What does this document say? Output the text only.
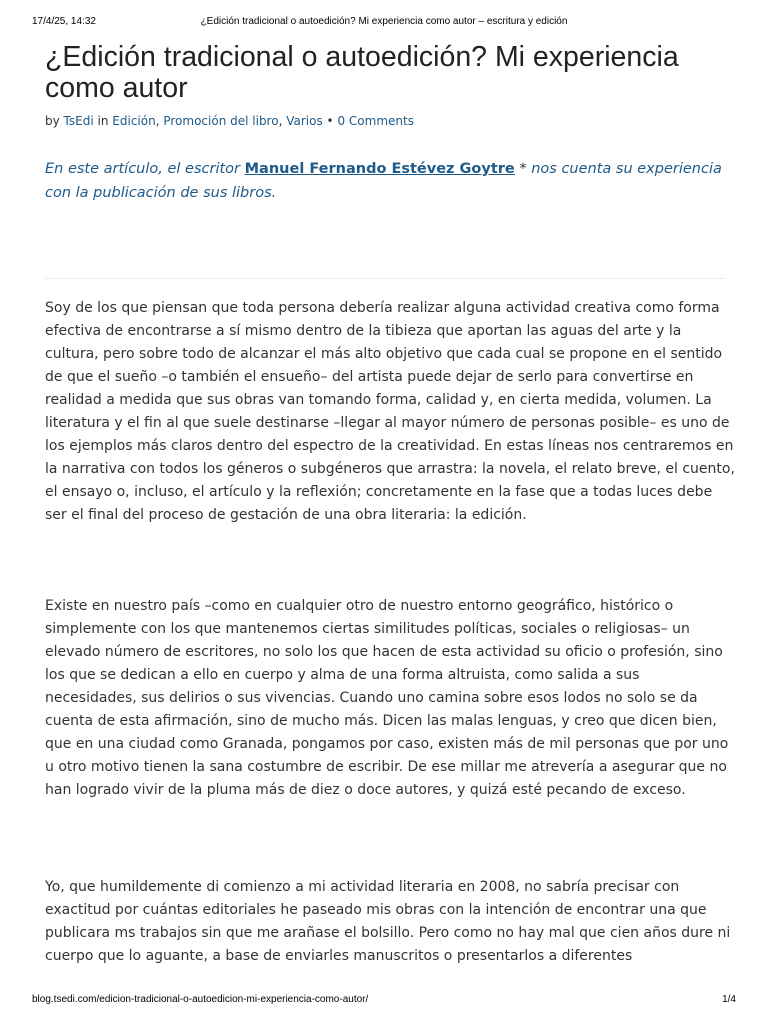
17/4/25, 14:32	¿Edición tradicional o autoedición? Mi experiencia como autor – escritura y edición
¿Edición tradicional o autoedición? Mi experiencia como autor
by TsEdi in Edición, Promoción del libro, Varios • 0 Comments

En este artículo, el escritor Manuel Fernando Estévez Goytre * nos cuenta su experiencia con la publicación de sus libros.

Soy de los que piensan que toda persona debería realizar alguna actividad creativa como forma efectiva de encontrarse a sí mismo dentro de la tibieza que aportan las aguas del arte y la cultura, pero sobre todo de alcanzar el más alto objetivo que cada cual se propone en el sentido de que el sueño –o también el ensueño– del artista puede dejar de serlo para convertirse en realidad a medida que sus obras van tomando forma, calidad y, en cierta medida, volumen. La literatura y el fin al que suele destinarse –llegar al mayor número de personas posible– es uno de los ejemplos más claros dentro del espectro de la creatividad. En estas líneas nos centraremos en la narrativa con todos los géneros o subgéneros que arrastra: la novela, el relato breve, el cuento, el ensayo o, incluso, el artículo y la reflexión; concretamente en la fase que a todas luces debe ser el final del proceso de gestación de una obra literaria: la edición.

Existe en nuestro país –como en cualquier otro de nuestro entorno geográfico, histórico o simplemente con los que mantenemos ciertas similitudes políticas, sociales o religiosas– un elevado número de escritores, no solo los que hacen de esta actividad su oficio o profesión, sino los que se dedican a ello en cuerpo y alma de una forma altruista, como salida a sus necesidades, sus delirios o sus vivencias. Cuando uno camina sobre esos lodos no solo se da cuenta de esta afirmación, sino de mucho más. Dicen las malas lenguas, y creo que dicen bien, que en una ciudad como Granada, pongamos por caso, existen más de mil personas que por uno u otro motivo tienen la sana costumbre de escribir. De ese millar me atrevería a asegurar que no han logrado vivir de la pluma más de diez o doce autores, y quizá esté pecando de exceso.

Yo, que humildemente di comienzo a mi actividad literaria en 2008, no sabría precisar con exactitud por cuántas editoriales he paseado mis obras con la intención de encontrar una que publicara ms trabajos sin que me arañase el bolsillo. Pero como no hay mal que cien años dure ni cuerpo que lo aguante, a base de enviarles manuscritos o presentarlos a diferentes

blog.tsedi.com/edicion-tradicional-o-autoedicion-mi-experiencia-como-autor/	1/4
